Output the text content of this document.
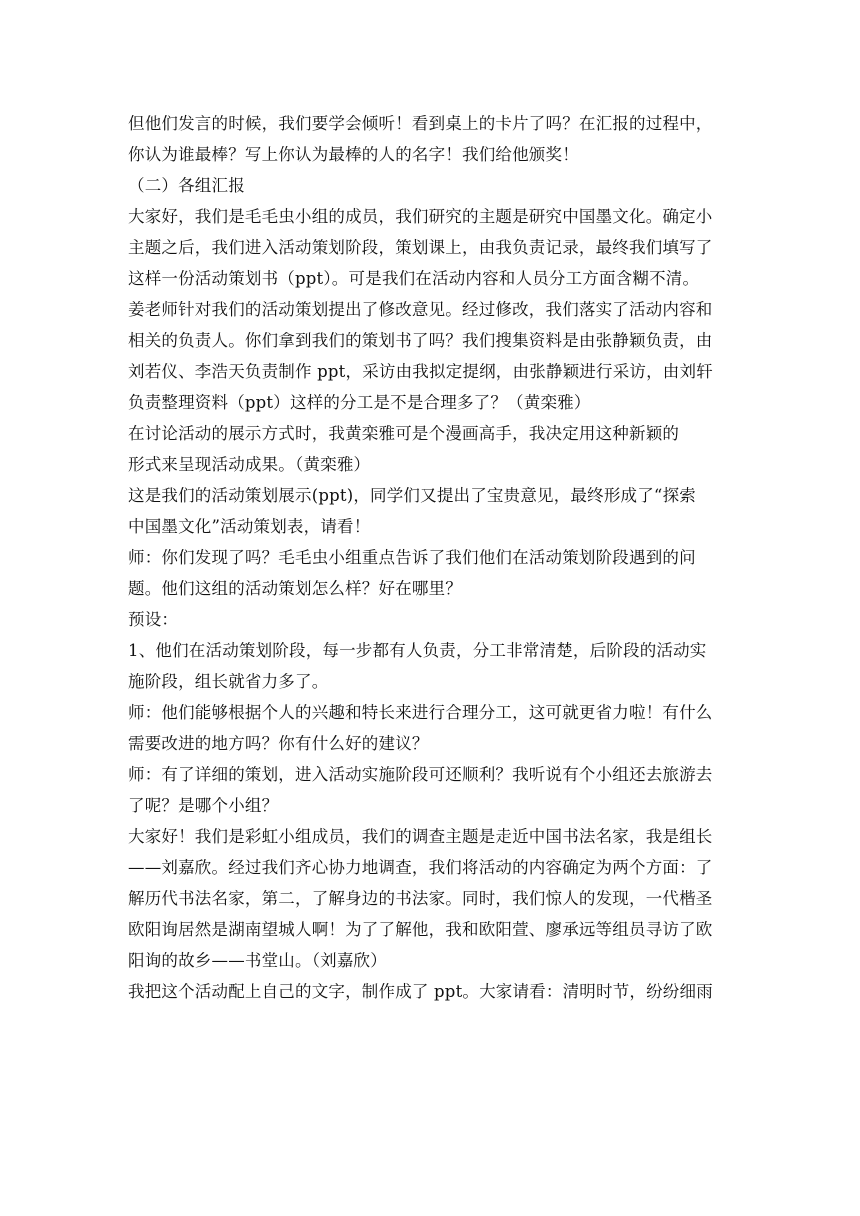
但他们发言的时候，我们要学会倾听！看到桌上的卡片了吗？在汇报的过程中，
你认为谁最棒？写上你认为最棒的人的名字！我们给他颁奖！

（二）各组汇报

大家好，我们是毛毛虫小组的成员，我们研究的主题是研究中国墨文化。确定小
主题之后，我们进入活动策划阶段，策划课上，由我负责记录，最终我们填写了
这样一份活动策划书（ppt）。可是我们在活动内容和人员分工方面含糊不清。

姜老师针对我们的活动策划提出了修改意见。经过修改，我们落实了活动内容和
相关的负责人。你们拿到我们的策划书了吗？我们搜集资料是由张静颖负责，由
刘若仪、李浩天负责制作 ppt，采访由我拟定提纲，由张静颖进行采访，由刘轩
负责整理资料（ppt）这样的分工是不是合理多了？（黄栾雅）

在讨论活动的展示方式时，我黄栾雅可是个漫画高手，我决定用这种新颖的
形式来呈现活动成果。（黄栾雅）

这是我们的活动策划展示(ppt)，同学们又提出了宝贵意见，最终形成了“探索
中国墨文化”活动策划表，请看！

师：你们发现了吗？毛毛虫小组重点告诉了我们他们在活动策划阶段遇到的问
题。他们这组的活动策划怎么样？好在哪里？

预设：

1、他们在活动策划阶段，每一步都有人负责，分工非常清楚，后阶段的活动实
施阶段，组长就省力多了。

师：他们能够根据个人的兴趣和特长来进行合理分工，这可就更省力啦！有什么
需要改进的地方吗？你有什么好的建议？

师：有了详细的策划，进入活动实施阶段可还顺利？我听说有个小组还去旅游去
了呢？是哪个小组？

大家好！我们是彩虹小组成员，我们的调查主题是走近中国书法名家，我是组长
——刘嘉欣。经过我们齐心协力地调查，我们将活动的内容确定为两个方面：了
解历代书法名家，第二，了解身边的书法家。同时，我们惊人的发现，一代楷圣
欧阳询居然是湖南望城人啊！为了了解他，我和欧阳萱、廖承远等组员寻访了欧
阳询的故乡——书堂山。（刘嘉欣）

我把这个活动配上自己的文字，制作成了 ppt。大家请看：清明时节，纷纷细雨
